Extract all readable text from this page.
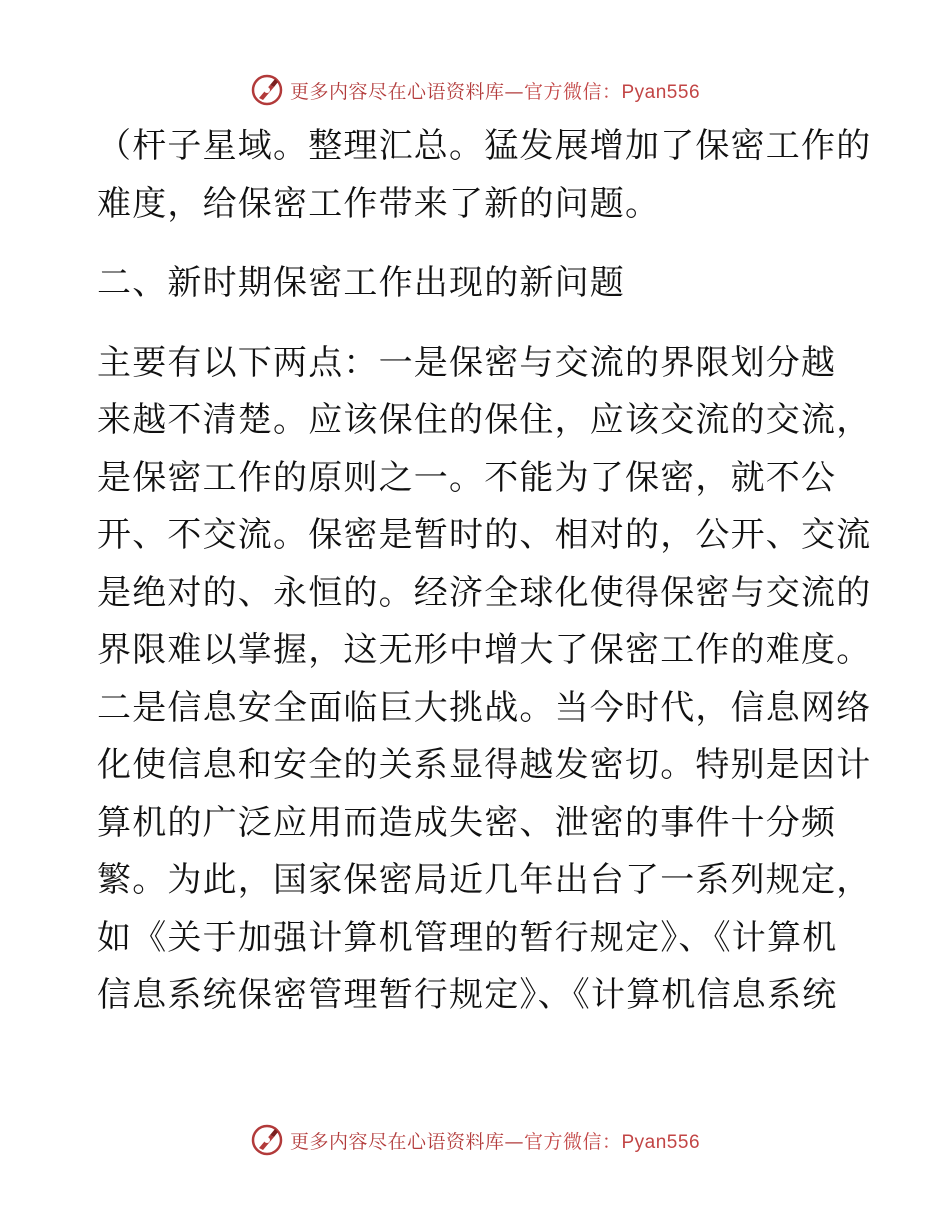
更多内容尽在心语资料库—官方微信：Pyan556
（杆子星域。整理汇总。猛发展增加了保密工作的
难度，给保密工作带来了新的问题。
二、新时期保密工作出现的新问题
主要有以下两点：一是保密与交流的界限划分越
来越不清楚。应该保住的保住，应该交流的交流，
是保密工作的原则之一。不能为了保密，就不公
开、不交流。保密是暂时的、相对的，公开、交流
是绝对的、永恒的。经济全球化使得保密与交流的
界限难以掌握，这无形中增大了保密工作的难度。
二是信息安全面临巨大挑战。当今时代，信息网络
化使信息和安全的关系显得越发密切。特别是因计
算机的广泛应用而造成失密、泄密的事件十分频
繁。为此，国家保密局近几年出台了一系列规定，
如《关于加强计算机管理的暂行规定》、《计算机
信息系统保密管理暂行规定》、《计算机信息系统
更多内容尽在心语资料库—官方微信：Pyan556
